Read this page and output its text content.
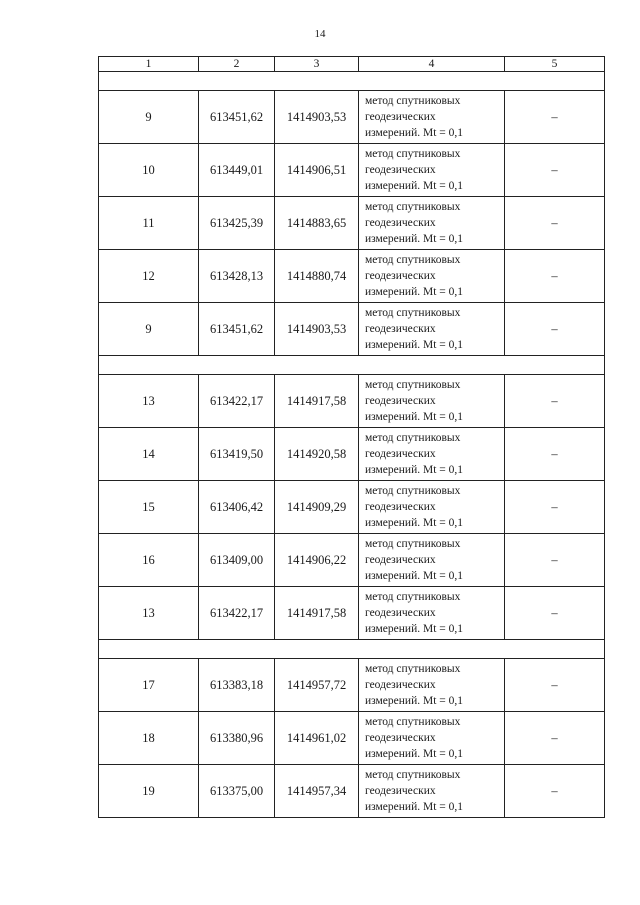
14
1	2	3	4	5

9	613451,62	1414903,53	метод спутниковых
геодезических
измерений. Mt = 0,1	–
10	613449,01	1414906,51	метод спутниковых
геодезических
измерений. Mt = 0,1	–
11	613425,39	1414883,65	метод спутниковых
геодезических
измерений. Mt = 0,1	–
12	613428,13	1414880,74	метод спутниковых
геодезических
измерений. Mt = 0,1	–
9	613451,62	1414903,53	метод спутниковых
геодезических
измерений. Mt = 0,1	–

13	613422,17	1414917,58	метод спутниковых
геодезических
измерений. Mt = 0,1	–
14	613419,50	1414920,58	метод спутниковых
геодезических
измерений. Mt = 0,1	–
15	613406,42	1414909,29	метод спутниковых
геодезических
измерений. Mt = 0,1	–
16	613409,00	1414906,22	метод спутниковых
геодезических
измерений. Mt = 0,1	–
13	613422,17	1414917,58	метод спутниковых
геодезических
измерений. Mt = 0,1	–

17	613383,18	1414957,72	метод спутниковых
геодезических
измерений. Mt = 0,1	–
18	613380,96	1414961,02	метод спутниковых
геодезических
измерений. Mt = 0,1	–
19	613375,00	1414957,34	метод спутниковых
геодезических
измерений. Mt = 0,1	–
